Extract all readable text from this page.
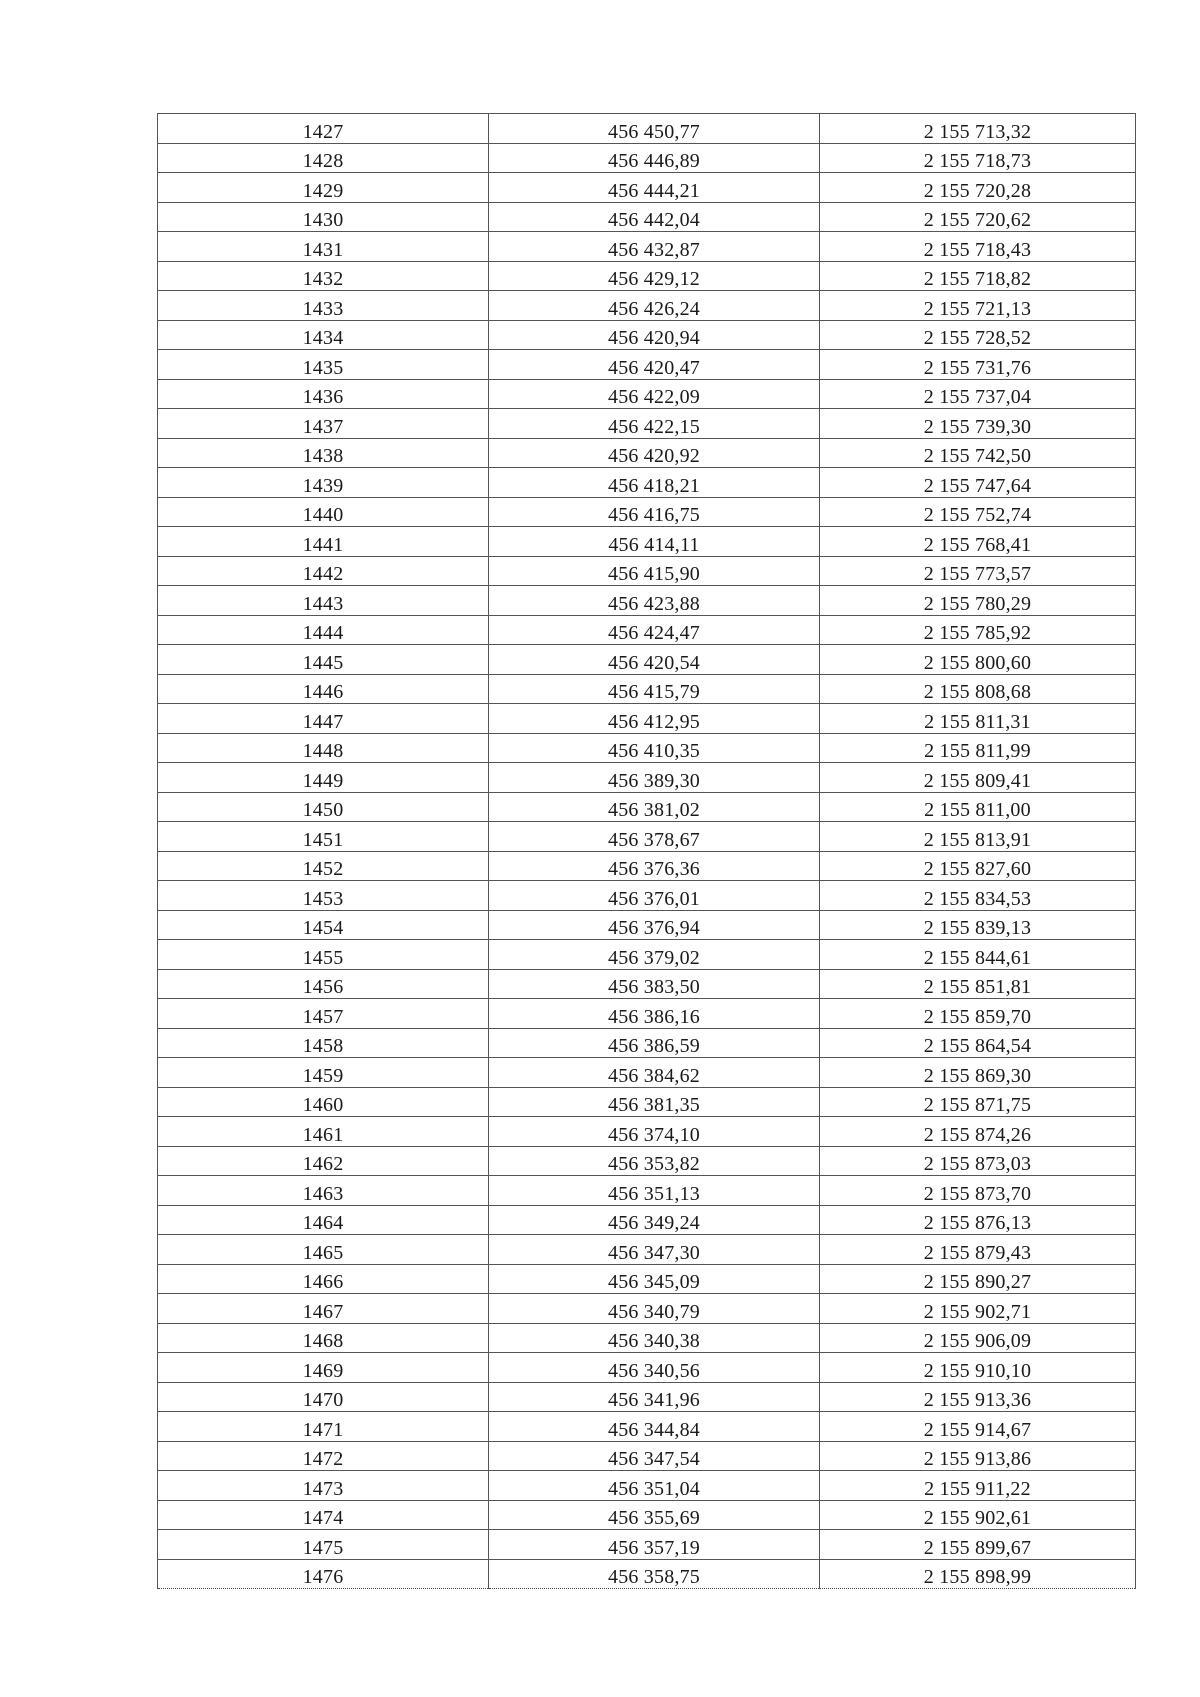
1427	456 450,77	2 155 713,32
1428	456 446,89	2 155 718,73
1429	456 444,21	2 155 720,28
1430	456 442,04	2 155 720,62
1431	456 432,87	2 155 718,43
1432	456 429,12	2 155 718,82
1433	456 426,24	2 155 721,13
1434	456 420,94	2 155 728,52
1435	456 420,47	2 155 731,76
1436	456 422,09	2 155 737,04
1437	456 422,15	2 155 739,30
1438	456 420,92	2 155 742,50
1439	456 418,21	2 155 747,64
1440	456 416,75	2 155 752,74
1441	456 414,11	2 155 768,41
1442	456 415,90	2 155 773,57
1443	456 423,88	2 155 780,29
1444	456 424,47	2 155 785,92
1445	456 420,54	2 155 800,60
1446	456 415,79	2 155 808,68
1447	456 412,95	2 155 811,31
1448	456 410,35	2 155 811,99
1449	456 389,30	2 155 809,41
1450	456 381,02	2 155 811,00
1451	456 378,67	2 155 813,91
1452	456 376,36	2 155 827,60
1453	456 376,01	2 155 834,53
1454	456 376,94	2 155 839,13
1455	456 379,02	2 155 844,61
1456	456 383,50	2 155 851,81
1457	456 386,16	2 155 859,70
1458	456 386,59	2 155 864,54
1459	456 384,62	2 155 869,30
1460	456 381,35	2 155 871,75
1461	456 374,10	2 155 874,26
1462	456 353,82	2 155 873,03
1463	456 351,13	2 155 873,70
1464	456 349,24	2 155 876,13
1465	456 347,30	2 155 879,43
1466	456 345,09	2 155 890,27
1467	456 340,79	2 155 902,71
1468	456 340,38	2 155 906,09
1469	456 340,56	2 155 910,10
1470	456 341,96	2 155 913,36
1471	456 344,84	2 155 914,67
1472	456 347,54	2 155 913,86
1473	456 351,04	2 155 911,22
1474	456 355,69	2 155 902,61
1475	456 357,19	2 155 899,67
1476	456 358,75	2 155 898,99
